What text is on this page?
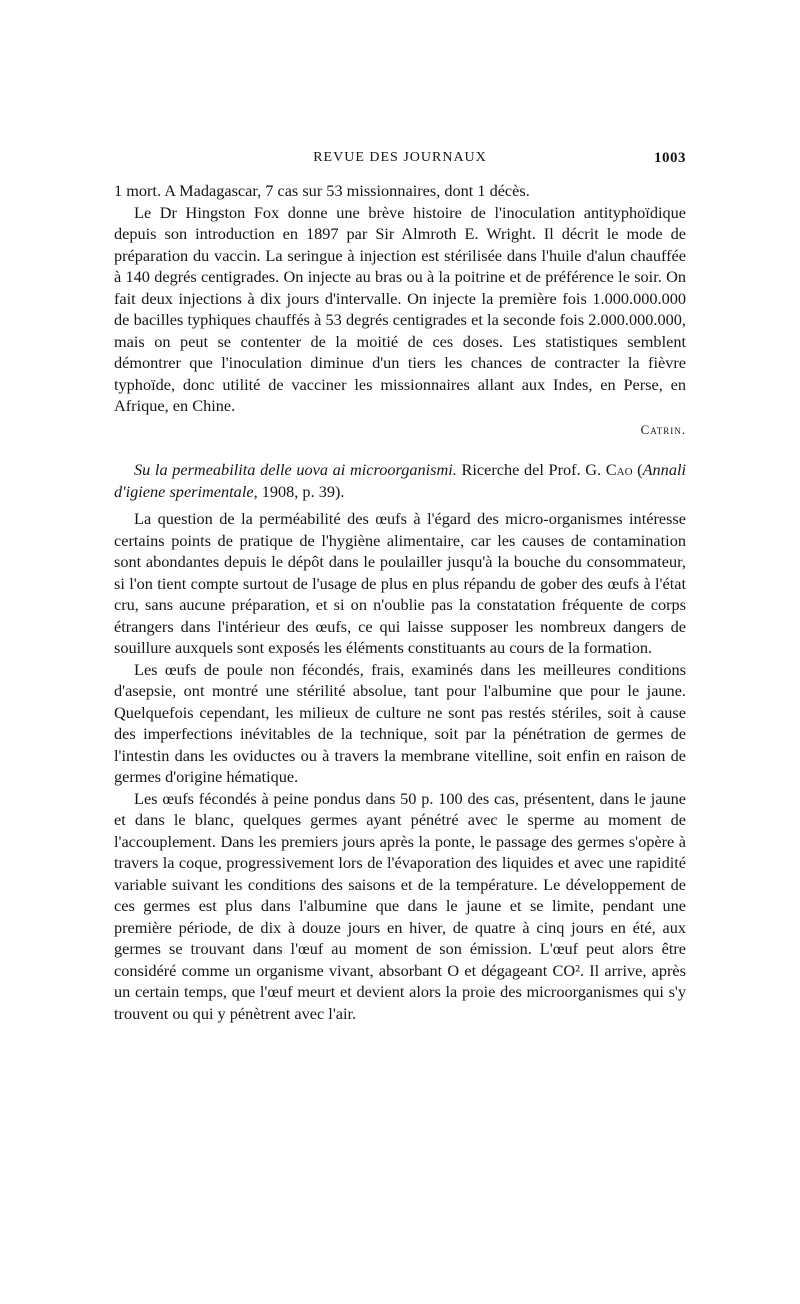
REVUE DES JOURNAUX	1003

1 mort. A Madagascar, 7 cas sur 53 missionnaires, dont 1 décès.

Le Dr Hingston Fox donne une brève histoire de l'inoculation antityphoïdique depuis son introduction en 1897 par Sir Almroth E. Wright. Il décrit le mode de préparation du vaccin. La seringue à injection est stérilisée dans l'huile d'alun chauffée à 140 degrés centigrades. On injecte au bras ou à la poitrine et de préférence le soir. On fait deux injections à dix jours d'intervalle. On injecte la première fois 1.000.000.000 de bacilles typhiques chauffés à 53 degrés centigrades et la seconde fois 2.000.000.000, mais on peut se contenter de la moitié de ces doses. Les statistiques semblent démontrer que l'inoculation diminue d'un tiers les chances de contracter la fièvre typhoïde, donc utilité de vacciner les missionnaires allant aux Indes, en Perse, en Afrique, en Chine.

Catrin.

Su la permeabilita delle uova ai microorganismi. Ricerche del Prof. G. Cao (Annali d'igiene sperimentale, 1908, p. 39).

La question de la perméabilité des œufs à l'égard des micro-organismes intéresse certains points de pratique de l'hygiène alimentaire, car les causes de contamination sont abondantes depuis le dépôt dans le poulailler jusqu'à la bouche du consommateur, si l'on tient compte surtout de l'usage de plus en plus répandu de gober des œufs à l'état cru, sans aucune préparation, et si on n'oublie pas la constatation fréquente de corps étrangers dans l'intérieur des œufs, ce qui laisse supposer les nombreux dangers de souillure auxquels sont exposés les éléments constituants au cours de la formation.

Les œufs de poule non fécondés, frais, examinés dans les meilleures conditions d'asepsie, ont montré une stérilité absolue, tant pour l'albumine que pour le jaune. Quelquefois cependant, les milieux de culture ne sont pas restés stériles, soit à cause des imperfections inévitables de la technique, soit par la pénétration de germes de l'intestin dans les oviductes ou à travers la membrane vitelline, soit enfin en raison de germes d'origine hématique.

Les œufs fécondés à peine pondus dans 50 p. 100 des cas, présentent, dans le jaune et dans le blanc, quelques germes ayant pénétré avec le sperme au moment de l'accouplement. Dans les premiers jours après la ponte, le passage des germes s'opère à travers la coque, progressivement lors de l'évaporation des liquides et avec une rapidité variable suivant les conditions des saisons et de la température. Le développement de ces germes est plus dans l'albumine que dans le jaune et se limite, pendant une première période, de dix à douze jours en hiver, de quatre à cinq jours en été, aux germes se trouvant dans l'œuf au moment de son émission. L'œuf peut alors être considéré comme un organisme vivant, absorbant O et dégageant CO². Il arrive, après un certain temps, que l'œuf meurt et devient alors la proie des microorganismes qui s'y trouvent ou qui y pénètrent avec l'air.
